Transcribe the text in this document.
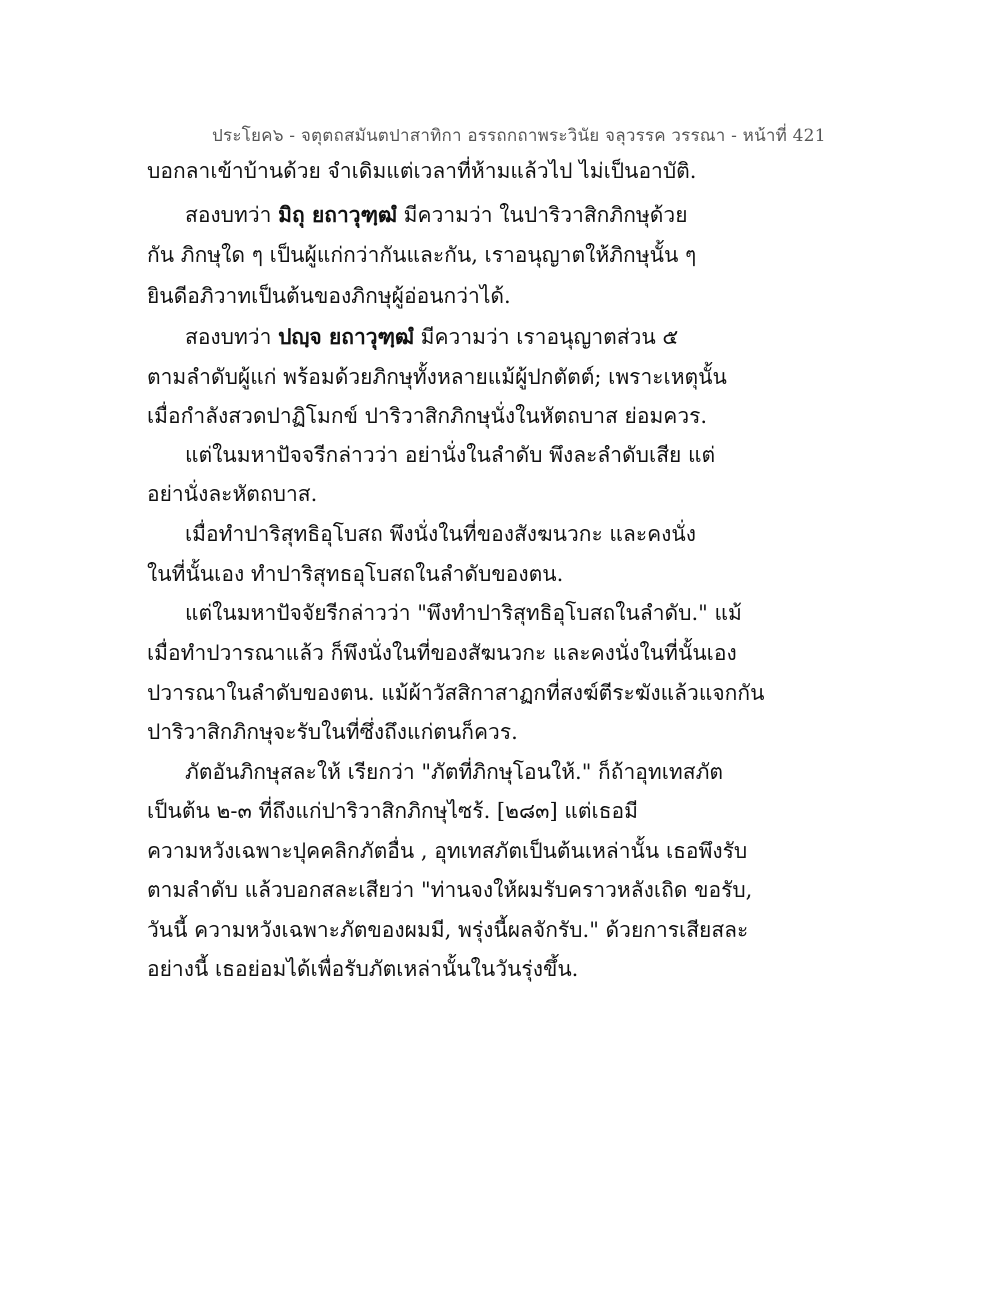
ประโยค๖ - จตุตถสมันตปาสาทิกา อรรถกถาพระวินัย จลุวรรค วรรณา - หน้าที่ 421
บอกลาเข้าบ้านด้วย จำเดิมแต่เวลาที่ห้ามแล้วไป ไม่เป็นอาบัติ.
สองบทว่า มิถุ ยถาวุฑฺฒํ มีความว่า ในปาริวาสิกภิกษุด้วย
กัน ภิกษุใด ๆ เป็นผู้แก่กว่ากันและกัน, เราอนุญาตให้ภิกษุนั้น ๆ
ยินดีอภิวาทเป็นต้นของภิกษุผู้อ่อนกว่าได้.
สองบทว่า ปญฺจ ยถาวุฑฺฒํ มีความว่า เราอนุญาตส่วน ๕
ตามลำดับผู้แก่ พร้อมด้วยภิกษุทั้งหลายแม้ผู้ปกตัตต์; เพราะเหตุนั้น
เมื่อกำลังสวดปาฏิโมกข์ ปาริวาสิกภิกษุนั่งในหัตถบาส ย่อมควร.
แต่ในมหาปัจจรีกล่าวว่า อย่านั่งในลำดับ พึงละลำดับเสีย แต่
อย่านั่งละหัตถบาส.
เมื่อทำปาริสุทธิอุโบสถ พึงนั่งในที่ของสังฆนวกะ และคงนั่ง
ในที่นั้นเอง ทำปาริสุทธอุโบสถในลำดับของตน.
แต่ในมหาปัจจัยรีกล่าวว่า "พึงทำปาริสุทธิอุโบสถในลำดับ." แม้
เมื่อทำปวารณาแล้ว ก็พึงนั่งในที่ของสัฆนวกะ และคงนั่งในที่นั้นเอง
ปวารณาในลำดับของตน. แม้ผ้าวัสสิกาสาฏกที่สงฆ์ตีระฆังแล้วแจกกัน
ปาริวาสิกภิกษุจะรับในที่ซึ่งถึงแก่ตนก็ควร.
ภัตอันภิกษุสละให้ เรียกว่า "ภัตที่ภิกษุโอนให้." ก็ถ้าอุทเทสภัต
เป็นต้น ๒-๓ ที่ถึงแก่ปาริวาสิกภิกษุไซร้. [๒๘๓] แต่เธอมี
ความหวังเฉพาะปุคคลิกภัตอื่น , อุทเทสภัตเป็นต้นเหล่านั้น เธอพึงรับ
ตามลำดับ แล้วบอกสละเสียว่า "ท่านจงให้ผมรับคราวหลังเถิด ขอรับ,
วันนี้ ความหวังเฉพาะภัตของผมมี, พรุ่งนี้ผลจักรับ." ด้วยการเสียสละ
อย่างนี้ เธอย่อมได้เพื่อรับภัตเหล่านั้นในวันรุ่งขึ้น.
